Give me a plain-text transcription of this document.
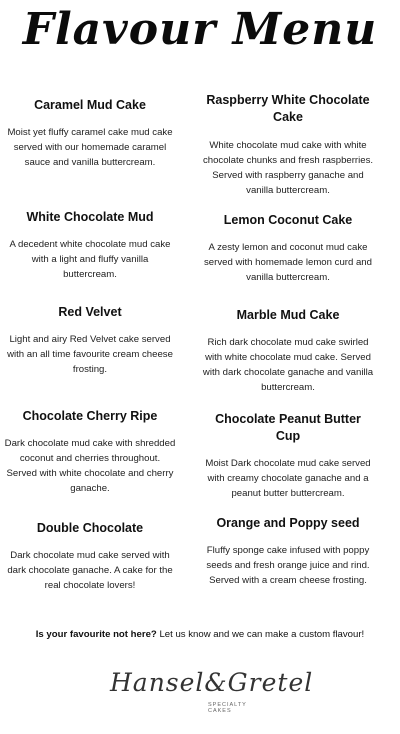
Flavour Menu
Caramel Mud Cake

Moist yet fluffy caramel cake mud cake served with our homemade caramel sauce and vanilla buttercream.

White Chocolate Mud

A decedent white chocolate mud cake with a light and fluffy vanilla buttercream.

Red Velvet

Light and airy Red Velvet cake served with an all time favourite cream cheese frosting.

Chocolate Cherry Ripe

Dark chocolate mud cake with shredded coconut and cherries throughout. Served with white chocolate and cherry ganache.

Double Chocolate

Dark chocolate mud cake served with dark chocolate ganache. A cake for the real chocolate lovers!

Raspberry White Chocolate Cake

White chocolate mud cake with white chocolate chunks and fresh raspberries. Served with raspberry ganache and vanilla buttercream.

Lemon Coconut Cake

A zesty lemon and coconut mud cake served with homemade lemon curd and vanilla buttercream.

Marble Mud Cake

Rich dark chocolate mud cake swirled with white chocolate mud cake. Served with dark chocolate ganache and vanilla buttercream.

Chocolate Peanut Butter Cup

Moist Dark chocolate mud cake served with creamy chocolate ganache and a peanut butter buttercream.

Orange and Poppy seed

Fluffy sponge cake infused with poppy seeds and fresh orange juice and rind. Served with a cream cheese frosting.

Is your favourite not here? Let us know and we can make a custom flavour!
Hansel&Gretel
SPECIALTY CAKES
